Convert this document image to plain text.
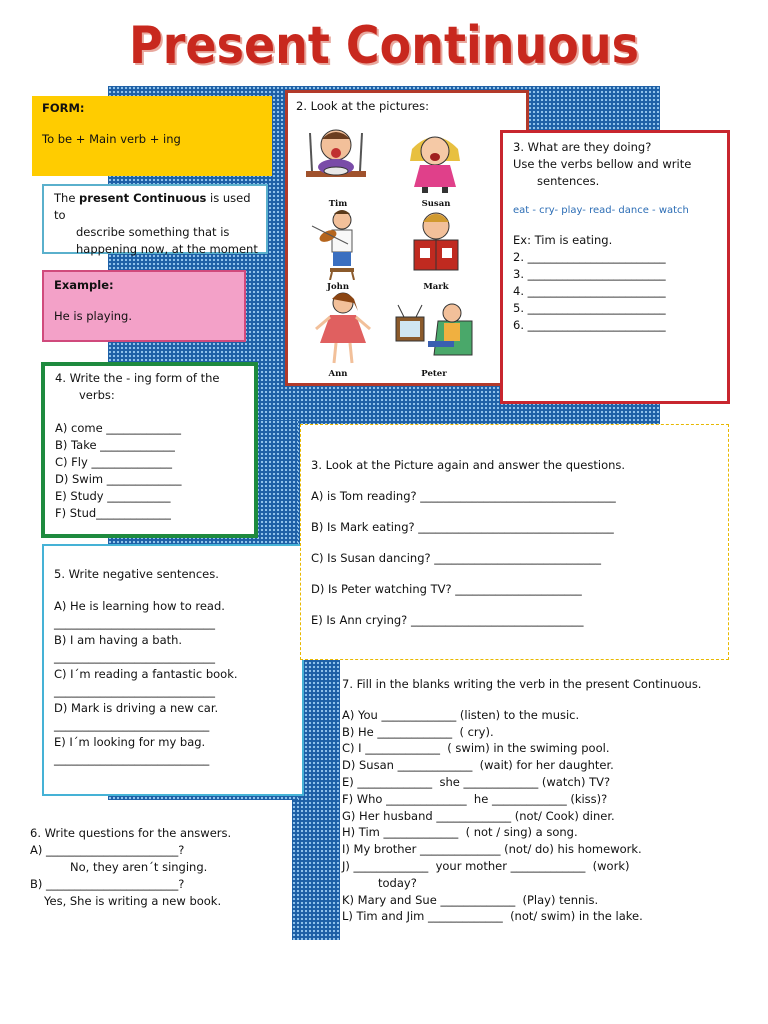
Present Continuous
FORM:
To be + Main verb + ing
The present Continuous is used to
describe something that is
happening now, at the moment
Example:
He is playing.
4. Write the - ing form of the
verbs:
A) come _____________
B) Take _____________
C) Fly ______________
D) Swim _____________
E) Study ___________
F) Stud_____________
5. Write negative sentences.
A) He is learning how to read.
____________________________
B) I am having a bath.
____________________________
C) I´m reading a fantastic book.
____________________________
D) Mark is driving a new car.
___________________________
E) I´m looking for my bag.
___________________________
6. Write questions for the answers.
A) _______________________?
No, they aren´t singing.
B) _______________________?
Yes, She is writing a new book.
2. Look at the pictures:
Tim	Susan
John	Mark
Ann	Peter
3. What are they doing?
Use the verbs bellow and write
sentences.
eat - cry- play- read- dance - watch
Ex: Tim is eating.
2. ________________________
3. ________________________
4. ________________________
5. ________________________
6. ________________________
3. Look at the Picture again and answer the questions.
A) is Tom reading? __________________________________
B) Is Mark eating? __________________________________
C) Is Susan dancing? _____________________________
D) Is Peter watching TV? ______________________
E) Is Ann crying? ______________________________
7. Fill in the blanks writing the verb in the present Continuous.
A) You _____________ (listen) to the music.
B) He _____________  ( cry).
C) I _____________  ( swim) in the swiming pool.
D) Susan _____________  (wait) for her daughter.
E) _____________  she _____________ (watch) TV?
F) Who ______________  he _____________ (kiss)?
G) Her husband _____________ (not/ Cook) diner.
H) Tim _____________  ( not / sing) a song.
I) My brother ______________ (not/ do) his homework.
J) _____________  your mother _____________  (work)
today?
K) Mary and Sue _____________  (Play) tennis.
L) Tim and Jim _____________  (not/ swim) in the lake.
